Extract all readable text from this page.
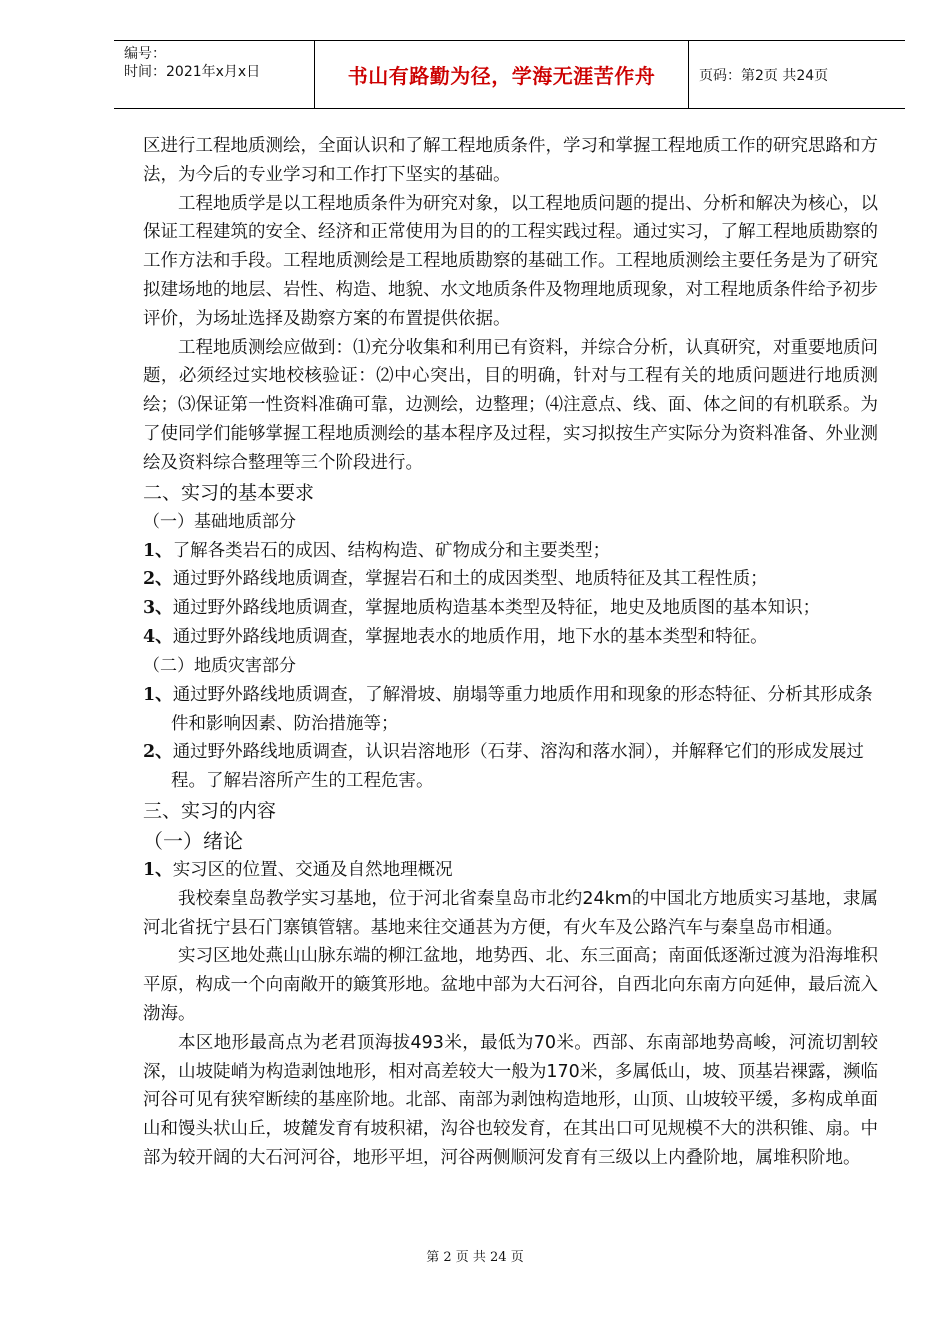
编号：
时间：2021年x月x日	书山有路勤为径，学海无涯苦作舟	页码：第2页 共24页

区进行工程地质测绘，全面认识和了解工程地质条件，学习和掌握工程地质工作的研究思路和方法，为今后的专业学习和工作打下坚实的基础。

工程地质学是以工程地质条件为研究对象，以工程地质问题的提出、分析和解决为核心，以保证工程建筑的安全、经济和正常使用为目的的工程实践过程。通过实习，了解工程地质勘察的工作方法和手段。工程地质测绘是工程地质勘察的基础工作。工程地质测绘主要任务是为了研究拟建场地的地层、岩性、构造、地貌、水文地质条件及物理地质现象，对工程地质条件给予初步评价，为场址选择及勘察方案的布置提供依据。

工程地质测绘应做到：⑴充分收集和利用已有资料，并综合分析，认真研究，对重要地质问题，必须经过实地校核验证：⑵中心突出，目的明确，针对与工程有关的地质问题进行地质测绘；⑶保证第一性资料准确可靠，边测绘，边整理；⑷注意点、线、面、体之间的有机联系。为了使同学们能够掌握工程地质测绘的基本程序及过程，实习拟按生产实际分为资料准备、外业测绘及资料综合整理等三个阶段进行。

二、实习的基本要求

（一）基础地质部分

1、了解各类岩石的成因、结构构造、矿物成分和主要类型；

2、通过野外路线地质调查，掌握岩石和土的成因类型、地质特征及其工程性质；

3、通过野外路线地质调查，掌握地质构造基本类型及特征，地史及地质图的基本知识；

4、通过野外路线地质调查，掌握地表水的地质作用，地下水的基本类型和特征。

（二）地质灾害部分

1、通过野外路线地质调查，了解滑坡、崩塌等重力地质作用和现象的形态特征、分析其形成条件和影响因素、防治措施等；

2、通过野外路线地质调查，认识岩溶地形（石芽、溶沟和落水洞），并解释它们的形成发展过程。了解岩溶所产生的工程危害。

三、实习的内容

（一）绪论

1、实习区的位置、交通及自然地理概况

我校秦皇岛教学实习基地，位于河北省秦皇岛市北约24km的中国北方地质实习基地，隶属河北省抚宁县石门寨镇管辖。基地来往交通甚为方便，有火车及公路汽车与秦皇岛市相通。

实习区地处燕山山脉东端的柳江盆地，地势西、北、东三面高；南面低逐渐过渡为沿海堆积平原，构成一个向南敞开的簸箕形地。盆地中部为大石河谷，自西北向东南方向延伸，最后流入渤海。

本区地形最高点为老君顶海拔493米，最低为70米。西部、东南部地势高峻，河流切割较深，山坡陡峭为构造剥蚀地形，相对高差较大一般为170米，多属低山，坡、顶基岩裸露，濒临河谷可见有狭窄断续的基座阶地。北部、南部为剥蚀构造地形，山顶、山坡较平缓，多构成单面山和馒头状山丘，坡麓发育有坡积裙，沟谷也较发育，在其出口可见规模不大的洪积锥、扇。中部为较开阔的大石河河谷，地形平坦，河谷两侧顺河发育有三级以上内叠阶地，属堆积阶地。

第 2 页 共 24 页
